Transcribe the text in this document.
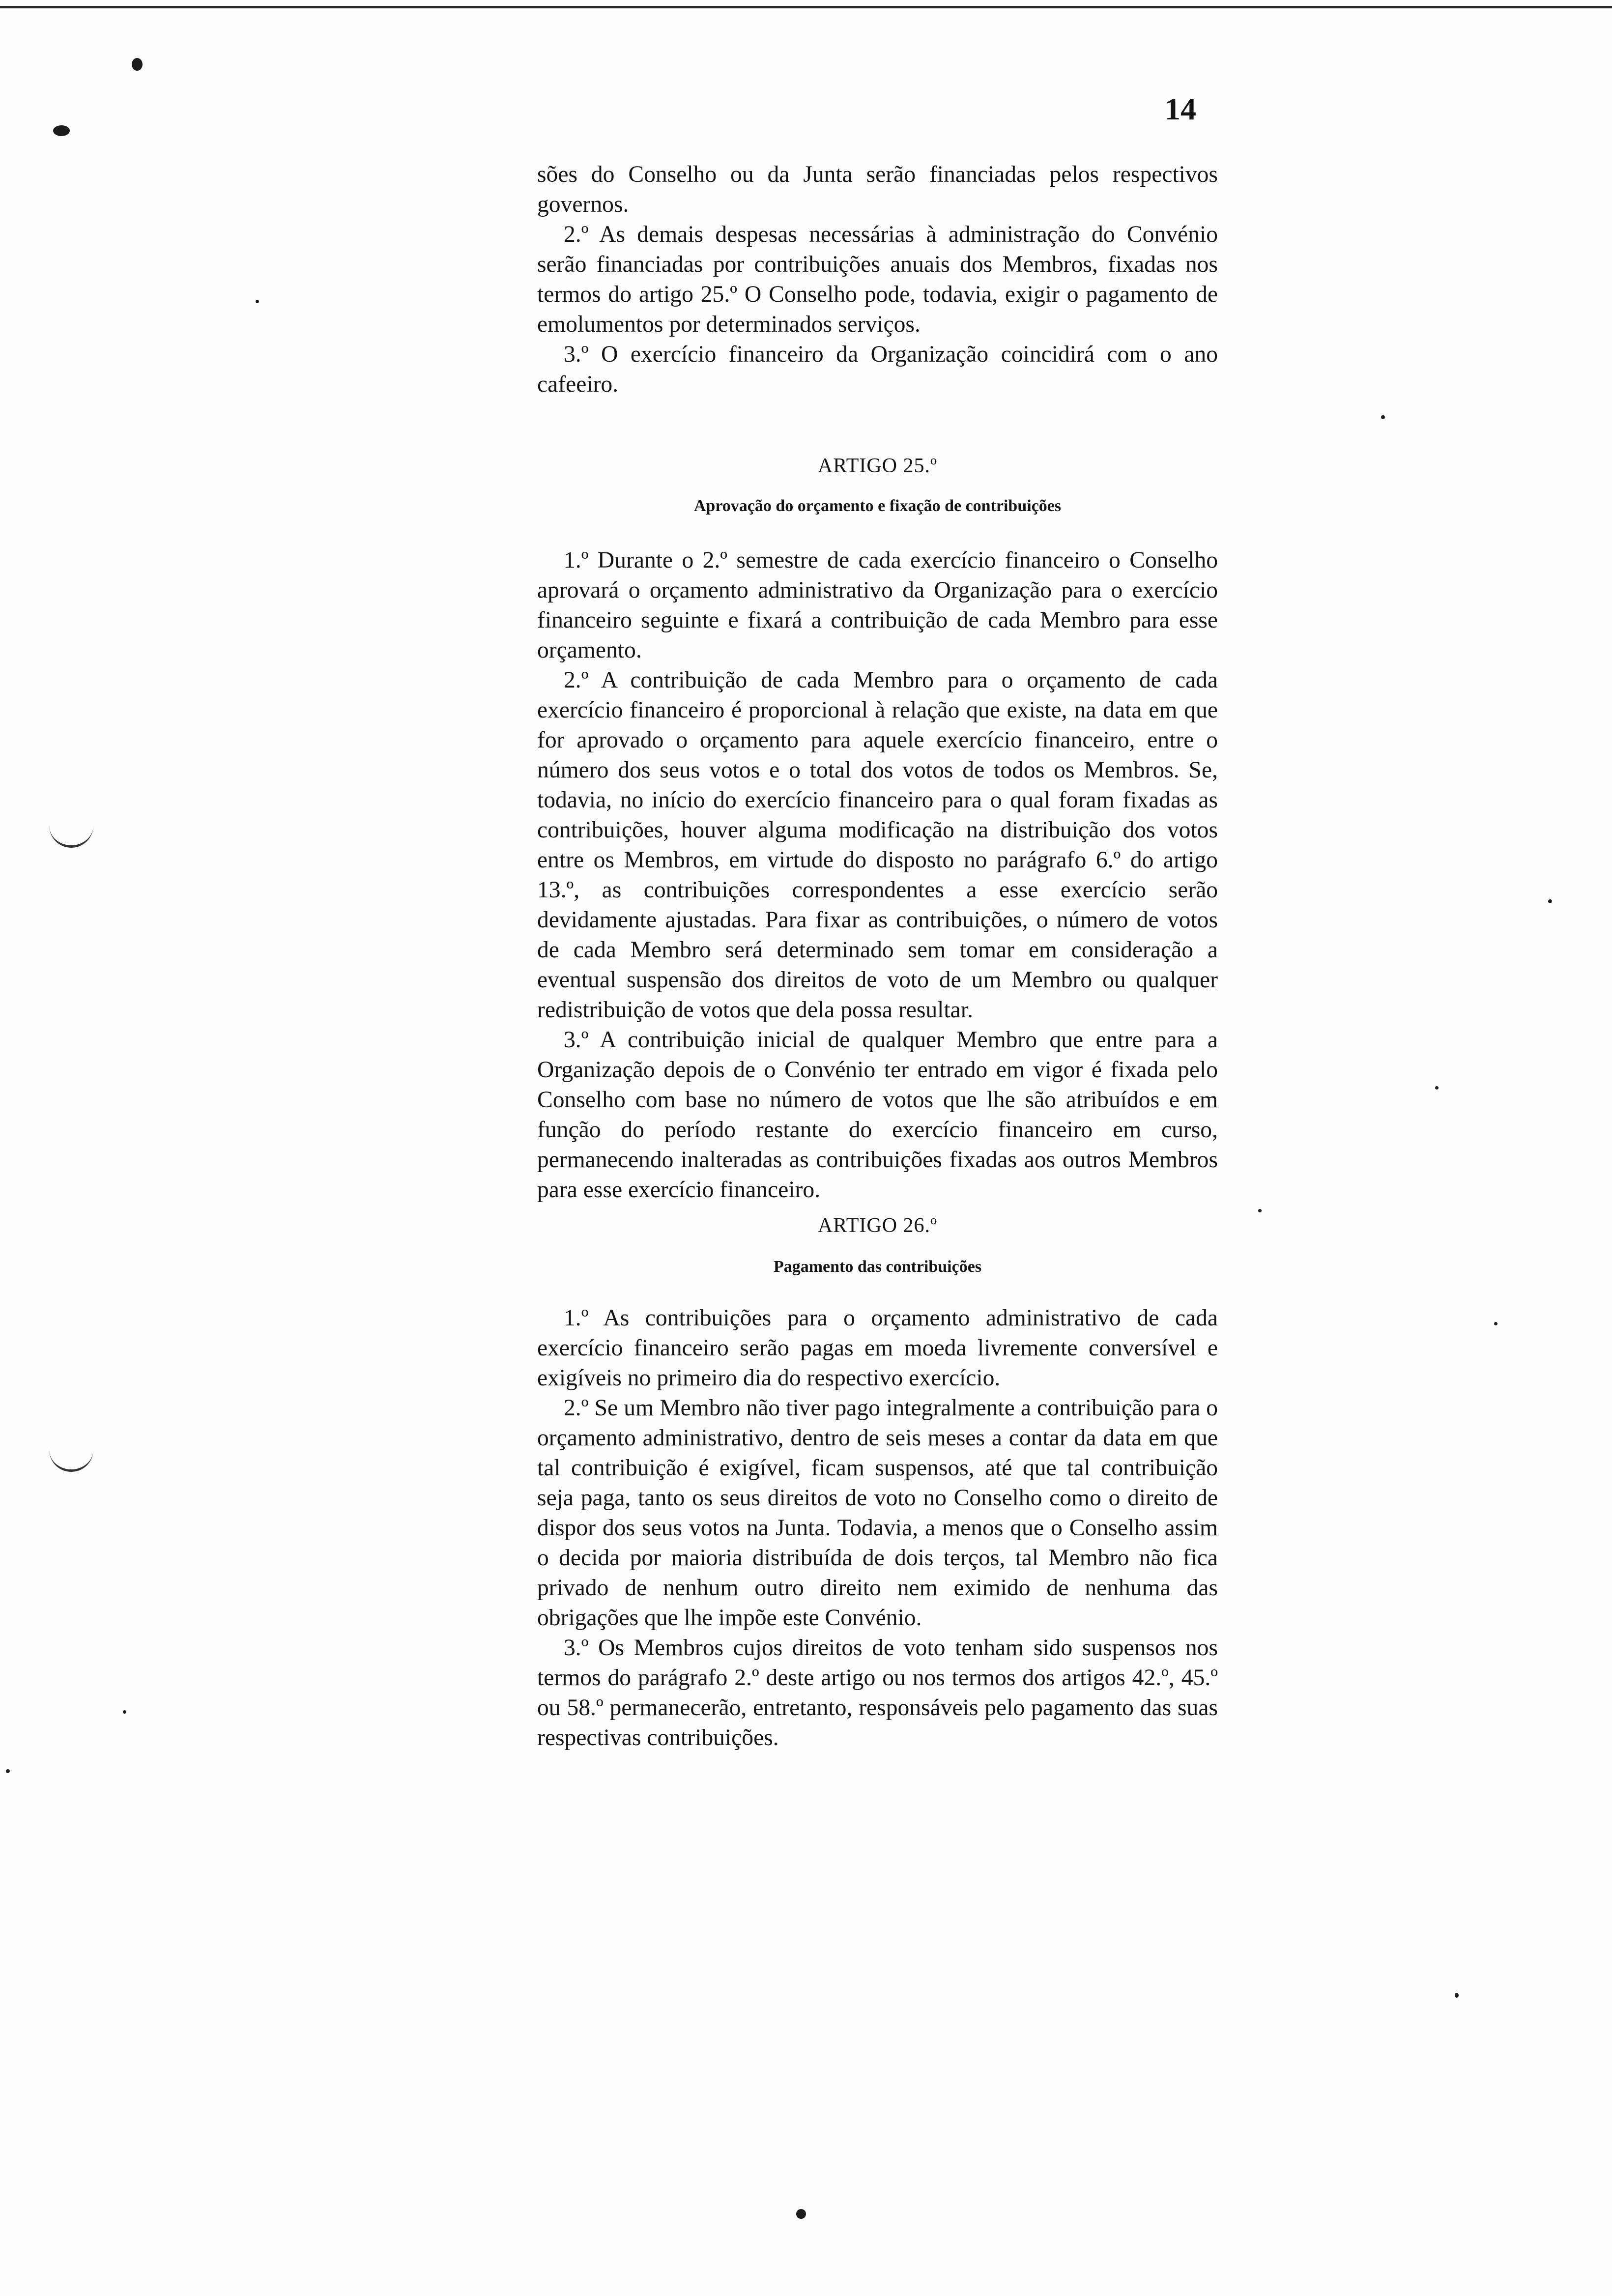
14

sões do Conselho ou da Junta serão financiadas pelos respectivos governos.

2.º As demais despesas necessárias à administração do Convénio serão financiadas por contribuições anuais dos Membros, fixadas nos termos do artigo 25.º O Conselho pode, todavia, exigir o pagamento de emolumentos por determinados serviços.

3.º O exercício financeiro da Organização coincidirá com o ano cafeeiro.

ARTIGO 25.º

Aprovação do orçamento e fixação de contribuições

1.º Durante o 2.º semestre de cada exercício financeiro o Conselho aprovará o orçamento administrativo da Organização para o exercício financeiro seguinte e fixará a contribuição de cada Membro para esse orçamento.

2.º A contribuição de cada Membro para o orçamento de cada exercício financeiro é proporcional à relação que existe, na data em que for aprovado o orçamento para aquele exercício financeiro, entre o número dos seus votos e o total dos votos de todos os Membros. Se, todavia, no início do exercício financeiro para o qual foram fixadas as contribuições, houver alguma modificação na distribuição dos votos entre os Membros, em virtude do disposto no parágrafo 6.º do artigo 13.º, as contribuições correspondentes a esse exercício serão devidamente ajustadas. Para fixar as contribuições, o número de votos de cada Membro será determinado sem tomar em consideração a eventual suspensão dos direitos de voto de um Membro ou qualquer redistribuição de votos que dela possa resultar.

3.º A contribuição inicial de qualquer Membro que entre para a Organização depois de o Convénio ter entrado em vigor é fixada pelo Conselho com base no número de votos que lhe são atribuídos e em função do período restante do exercício financeiro em curso, permanecendo inalteradas as contribuições fixadas aos outros Membros para esse exercício financeiro.

ARTIGO 26.º

Pagamento das contribuições

1.º As contribuições para o orçamento administrativo de cada exercício financeiro serão pagas em moeda livremente conversível e exigíveis no primeiro dia do respectivo exercício.

2.º Se um Membro não tiver pago integralmente a contribuição para o orçamento administrativo, dentro de seis meses a contar da data em que tal contribuição é exigível, ficam suspensos, até que tal contribuição seja paga, tanto os seus direitos de voto no Conselho como o direito de dispor dos seus votos na Junta. Todavia, a menos que o Conselho assim o decida por maioria distribuída de dois terços, tal Membro não fica privado de nenhum outro direito nem eximido de nenhuma das obrigações que lhe impõe este Convénio.

3.º Os Membros cujos direitos de voto tenham sido suspensos nos termos do parágrafo 2.º deste artigo ou nos termos dos artigos 42.º, 45.º ou 58.º permanecerão, entretanto, responsáveis pelo pagamento das suas respectivas contribuições.
